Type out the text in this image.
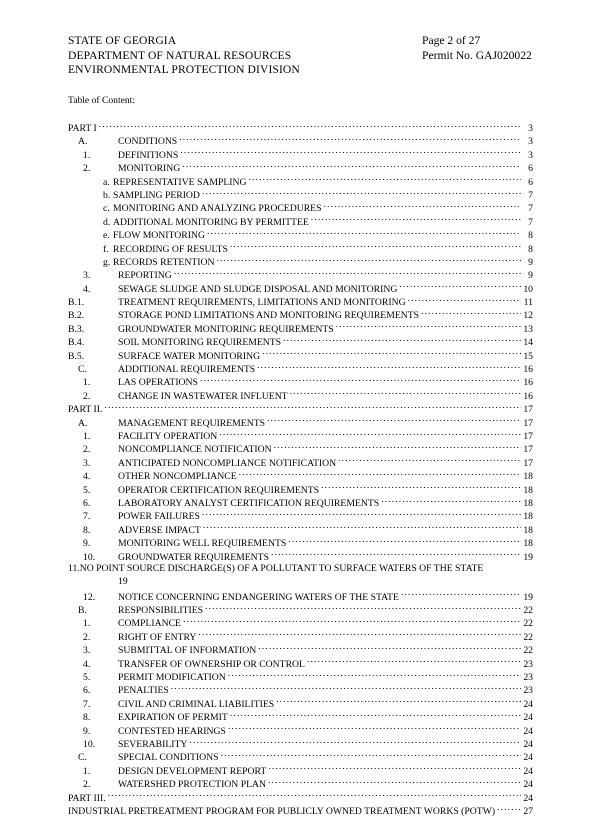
STATE OF GEORGIA
DEPARTMENT OF NATURAL RESOURCES
ENVIRONMENTAL PROTECTION DIVISION
Page 2 of 27
Permit No. GAJ020022
Table of Content:
PART I .....	3
A.	CONDITIONS .....	3
1.	DEFINITIONS .....	3
2.	MONITORING .....	6
a. REPRESENTATIVE SAMPLING .....	6
b. SAMPLING PERIOD .....	7
c. MONITORING AND ANALYZING PROCEDURES .....	7
d. ADDITIONAL MONITORING BY PERMITTEE .....	7
e. FLOW MONITORING .....	8
f. RECORDING OF RESULTS .....	8
g. RECORDS RETENTION .....	9
3.	REPORTING .....	9
4.	SEWAGE SLUDGE AND SLUDGE DISPOSAL AND MONITORING .....	10
B.1.	TREATMENT REQUIREMENTS, LIMITATIONS AND MONITORING .....	11
B.2.	STORAGE POND LIMITATIONS AND MONITORING REQUIREMENTS .....	12
B.3.	GROUNDWATER MONITORING REQUIREMENTS .....	13
B.4.	SOIL MONITORING REQUIREMENTS .....	14
B.5.	SURFACE WATER MONITORING .....	15
C.	ADDITIONAL REQUIREMENTS .....	16
1.	LAS OPERATIONS .....	16
2.	CHANGE IN WASTEWATER INFLUENT .....	16
PART II. .....	17
A.	MANAGEMENT REQUIREMENTS .....	17
1.	FACILITY OPERATION .....	17
2.	NONCOMPLIANCE NOTIFICATION .....	17
3.	ANTICIPATED NONCOMPLIANCE NOTIFICATION .....	17
4.	OTHER NONCOMPLIANCE .....	18
5.	OPERATOR CERTIFICATION REQUIREMENTS .....	18
6.	LABORATORY ANALYST CERTIFICATION REQUIREMENTS .....	18
7.	POWER FAILURES .....	18
8.	ADVERSE IMPACT .....	18
9.	MONITORING WELL REQUIREMENTS .....	18
10.	GROUNDWATER REQUIREMENTS .....	19
11. NO POINT SOURCE DISCHARGE(S) OF A POLLUTANT TO SURFACE WATERS OF THE STATE
19
12.	NOTICE CONCERNING ENDANGERING WATERS OF THE STATE .....	19
B.	RESPONSIBILITIES .....	22
1.	COMPLIANCE .....	22
2.	RIGHT OF ENTRY .....	22
3.	SUBMITTAL OF INFORMATION .....	22
4.	TRANSFER OF OWNERSHIP OR CONTROL .....	23
5.	PERMIT MODIFICATION .....	23
6.	PENALTIES .....	23
7.	CIVIL AND CRIMINAL LIABILITIES .....	24
8.	EXPIRATION OF PERMIT .....	24
9.	CONTESTED HEARINGS .....	24
10.	SEVERABILITY .....	24
C.	SPECIAL CONDITIONS .....	24
1.	DESIGN DEVELOPMENT REPORT .....	24
2.	WATERSHED PROTECTION PLAN .....	24
PART III. .....	24
INDUSTRIAL PRETREATMENT PROGRAM FOR PUBLICLY OWNED TREATMENT WORKS (POTW) .....	27
